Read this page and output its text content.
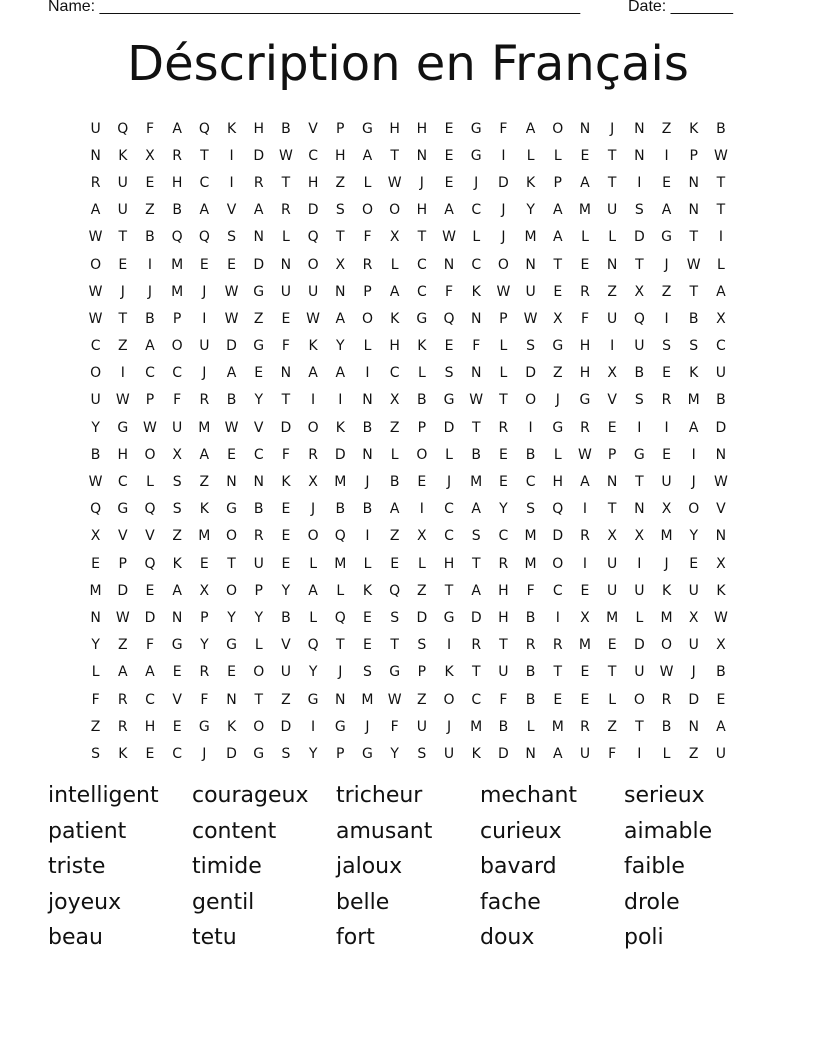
Name: ______________________________________________________	Date: _______
Déscription en Français
U	Q	F	A	Q	K	H	B	V	P	G	H	H	E	G	F	A	O	N	J	N	Z	K	B
N	K	X	R	T	I	D	W	C	H	A	T	N	E	G	I	L	L	E	T	N	I	P	W
R	U	E	H	C	I	R	T	H	Z	L	W	J	E	J	D	K	P	A	T	I	E	N	T
A	U	Z	B	A	V	A	R	D	S	O	O	H	A	C	J	Y	A	M	U	S	A	N	T
W	T	B	Q	Q	S	N	L	Q	T	F	X	T	W	L	J	M	A	L	L	D	G	T	I
O	E	I	M	E	E	D	N	O	X	R	L	C	N	C	O	N	T	E	N	T	J	W	L
W	J	J	M	J	W	G	U	U	N	P	A	C	F	K	W	U	E	R	Z	X	Z	T	A
W	T	B	P	I	W	Z	E	W	A	O	K	G	Q	N	P	W	X	F	U	Q	I	B	X
C	Z	A	O	U	D	G	F	K	Y	L	H	K	E	F	L	S	G	H	I	U	S	S	C
O	I	C	C	J	A	E	N	A	A	I	C	L	S	N	L	D	Z	H	X	B	E	K	U
U	W	P	F	R	B	Y	T	I	I	N	X	B	G	W	T	O	J	G	V	S	R	M	B
Y	G	W	U	M	W	V	D	O	K	B	Z	P	D	T	R	I	G	R	E	I	I	A	D
B	H	O	X	A	E	C	F	R	D	N	L	O	L	B	E	B	L	W	P	G	E	I	N
W	C	L	S	Z	N	N	K	X	M	J	B	E	J	M	E	C	H	A	N	T	U	J	W
Q	G	Q	S	K	G	B	E	J	B	B	A	I	C	A	Y	S	Q	I	T	N	X	O	V
X	V	V	Z	M	O	R	E	O	Q	I	Z	X	C	S	C	M	D	R	X	X	M	Y	N
E	P	Q	K	E	T	U	E	L	M	L	E	L	H	T	R	M	O	I	U	I	J	E	X
M	D	E	A	X	O	P	Y	A	L	K	Q	Z	T	A	H	F	C	E	U	U	K	U	K
N	W	D	N	P	Y	Y	B	L	Q	E	S	D	G	D	H	B	I	X	M	L	M	X	W
Y	Z	F	G	Y	G	L	V	Q	T	E	T	S	I	R	T	R	R	M	E	D	O	U	X
L	A	A	E	R	E	O	U	Y	J	S	G	P	K	T	U	B	T	E	T	U	W	J	B
F	R	C	V	F	N	T	Z	G	N	M	W	Z	O	C	F	B	E	E	L	O	R	D	E
Z	R	H	E	G	K	O	D	I	G	J	F	U	J	M	B	L	M	R	Z	T	B	N	A
S	K	E	C	J	D	G	S	Y	P	G	Y	S	U	K	D	N	A	U	F	I	L	Z	U
intelligent	courageux	tricheur	mechant	serieux
patient	content	amusant	curieux	aimable
triste	timide	jaloux	bavard	faible
joyeux	gentil	belle	fache	drole
beau	tetu	fort	doux	poli
